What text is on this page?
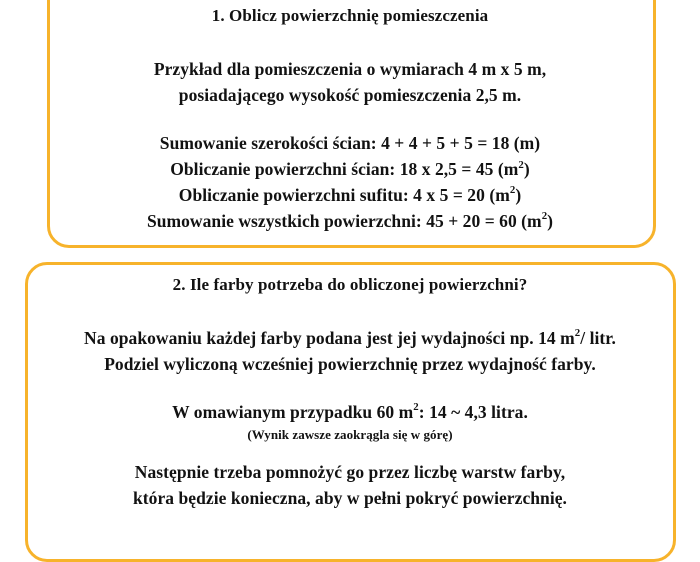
1. Oblicz powierzchnię pomieszczenia

Przykład dla pomieszczenia o wymiarach 4 m x 5 m,

posiadającego wysokość pomieszczenia 2,5 m.

Sumowanie szerokości ścian: 4 + 4 + 5 + 5 = 18 (m)

Obliczanie powierzchni ścian: 18 x 2,5 = 45 $(m^2)$

Obliczanie powierzchni sufitu: 4 x 5 = 20 $(m^2)$

Sumowanie wszystkich powierzchni: 45 + 20 = 60 $(m^2)$

2. Ile farby potrzeba do obliczonej powierzchni?

Na opakowaniu każdej farby podana jest jej wydajności np. 14 $m^2/$ litr.

Podziel wyliczoną wcześniej powierzchnię przez wydajność farby.

W omawianym przypadku 60 $m^2$: 14 ~ 4,3 litra.

(Wynik zawsze zaokrągla się w górę)

Następnie trzeba pomnożyć go przez liczbę warstw farby,

która będzie konieczna, aby w pełni pokryć powierzchnię.
